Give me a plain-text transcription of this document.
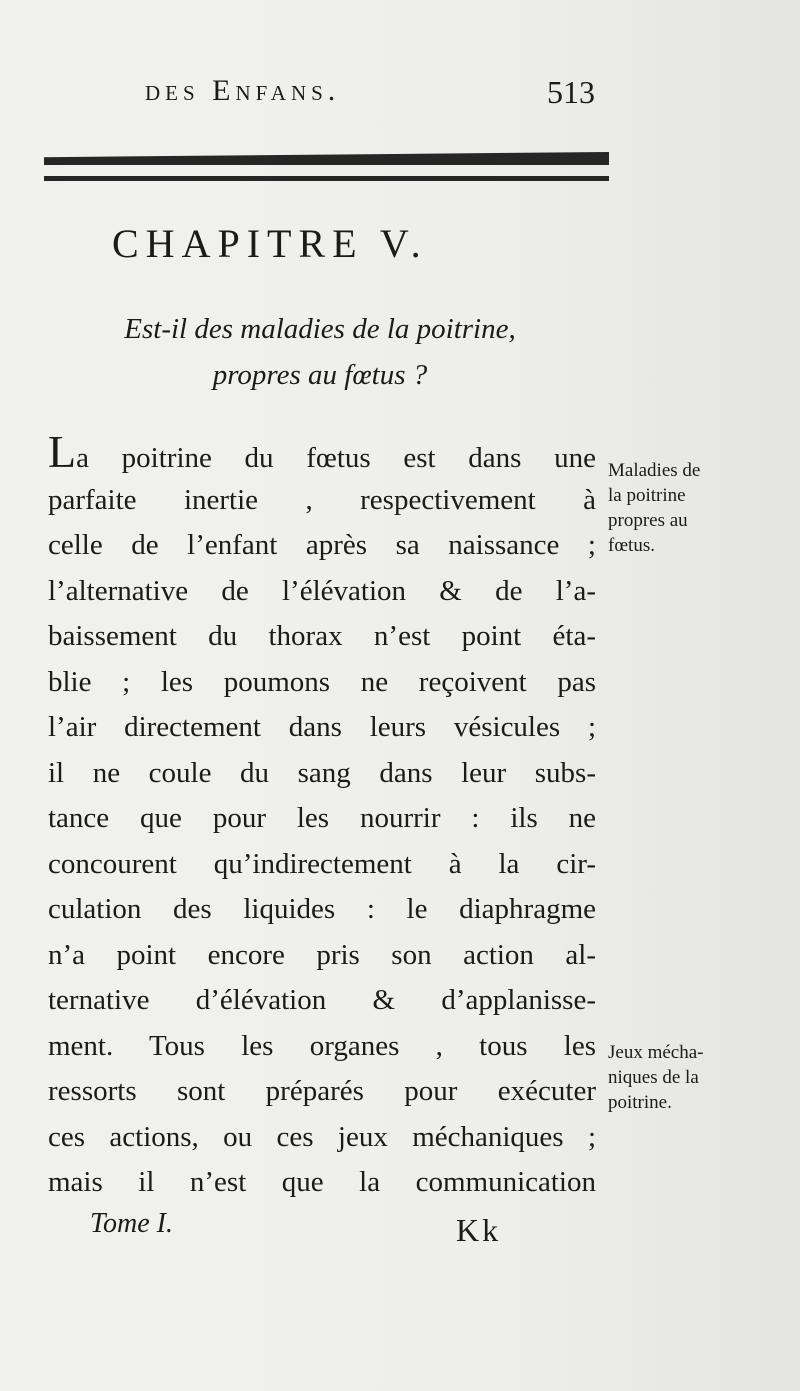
des Enfans.	513
CHAPITRE V.
Est-il des maladies de la poitrine,
propres au fœtus ?
La poitrine du fœtus est dans une
parfaite inertie , respectivement à
celle de l’enfant après sa naissance ;
l’alternative de l’élévation & de l’a-
baissement du thorax n’est point éta-
blie ; les poumons ne reçoivent pas
l’air directement dans leurs vésicules ;
il ne coule du sang dans leur subs-
tance que pour les nourrir : ils ne
concourent qu’indirectement à la cir-
culation des liquides : le diaphragme
n’a point encore pris son action al-
ternative d’élévation & d’applanisse-
ment. Tous les organes , tous les
ressorts sont préparés pour exécuter
ces actions, ou ces jeux méchaniques ;
mais il n’est que la communication
Maladies de
la poitrine
propres au
fœtus.
Jeux mécha-
niques de la
poitrine.
Tome I.	Kk
